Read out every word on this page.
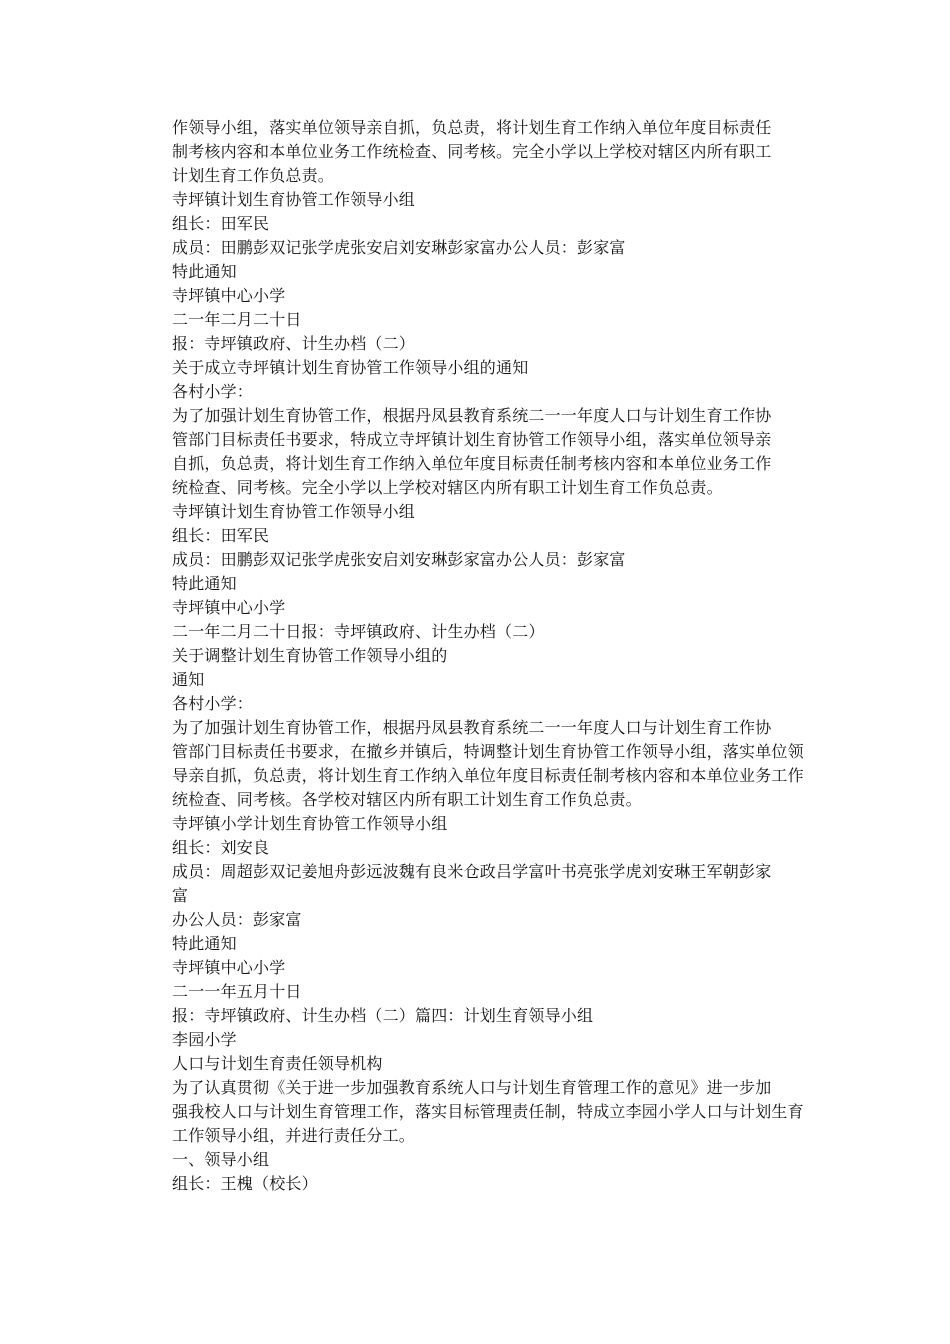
作领导小组，落实单位领导亲自抓，负总责，将计划生育工作纳入单位年度目标责任
制考核内容和本单位业务工作统检查、同考核。完全小学以上学校对辖区内所有职工
计划生育工作负总责。
寺坪镇计划生育协管工作领导小组
组长：田军民
成员：田鹏彭双记张学虎张安启刘安琳彭家富办公人员：彭家富
特此通知
寺坪镇中心小学
二一年二月二十日
报：寺坪镇政府、计生办档（二）
关于成立寺坪镇计划生育协管工作领导小组的通知
各村小学：
为了加强计划生育协管工作，根据丹凤县教育系统二一一年度人口与计划生育工作协
管部门目标责任书要求，特成立寺坪镇计划生育协管工作领导小组，落实单位领导亲
自抓，负总责，将计划生育工作纳入单位年度目标责任制考核内容和本单位业务工作
统检查、同考核。完全小学以上学校对辖区内所有职工计划生育工作负总责。
寺坪镇计划生育协管工作领导小组
组长：田军民
成员：田鹏彭双记张学虎张安启刘安琳彭家富办公人员：彭家富
特此通知
寺坪镇中心小学
二一年二月二十日报：寺坪镇政府、计生办档（二）
关于调整计划生育协管工作领导小组的
通知
各村小学：
为了加强计划生育协管工作，根据丹凤县教育系统二一一年度人口与计划生育工作协
管部门目标责任书要求，在撤乡并镇后，特调整计划生育协管工作领导小组，落实单位领
导亲自抓，负总责，将计划生育工作纳入单位年度目标责任制考核内容和本单位业务工作
统检查、同考核。各学校对辖区内所有职工计划生育工作负总责。
寺坪镇小学计划生育协管工作领导小组
组长：刘安良
成员：周超彭双记姜旭舟彭远波魏有良米仓政吕学富叶书亮张学虎刘安琳王军朝彭家
富
办公人员：彭家富
特此通知
寺坪镇中心小学
二一一年五月十日
报：寺坪镇政府、计生办档（二）篇四：计划生育领导小组
李园小学
人口与计划生育责任领导机构
为了认真贯彻《关于进一步加强教育系统人口与计划生育管理工作的意见》进一步加
强我校人口与计划生育管理工作，落实目标管理责任制，特成立李园小学人口与计划生育
工作领导小组，并进行责任分工。
一、领导小组
组长：王槐（校长）
